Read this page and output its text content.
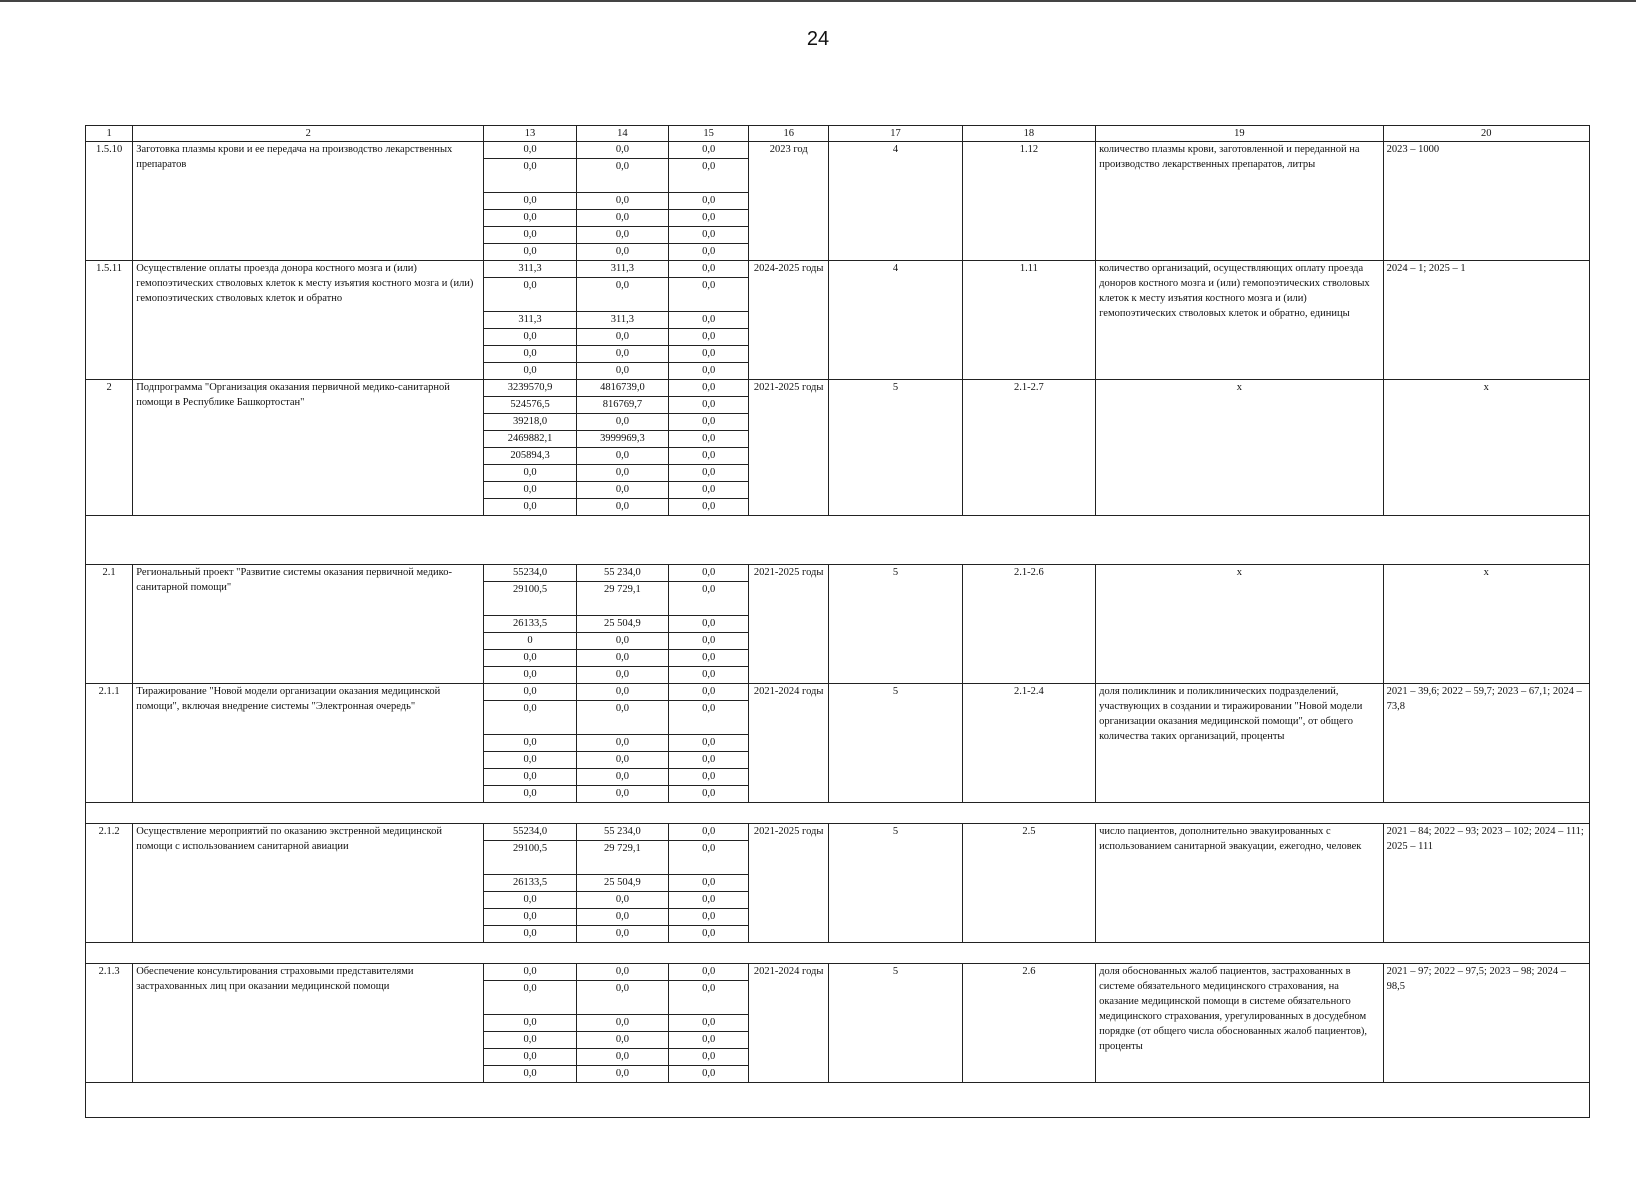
24
1	2	13	14	15	16	17	18	19	20
1.5.10	Заготовка плазмы крови и ее передача на производство лекарственных препаратов	0,0	0,0	0,0	2023 год	4	1.12	количество плазмы крови, заготовленной и переданной на производство лекарственных препаратов, литры	2023 – 1000
		0,0	0,0	0,0					
		0,0	0,0	0,0					
		0,0	0,0	0,0					
		0,0	0,0	0,0					
		0,0	0,0	0,0					
1.5.11	Осуществление оплаты проезда донора костного мозга и (или) гемопоэтических стволовых клеток к месту изъятия костного мозга и (или) гемопоэтических стволовых клеток и обратно	311,3	311,3	0,0	2024-2025 годы	4	1.11	количество организаций, осуществляющих оплату проезда доноров костного мозга и (или) гемопоэтических стволовых клеток к месту изъятия костного мозга и (или) гемопоэтических стволовых клеток и обратно, единицы	2024 – 1; 2025 – 1
		0,0	0,0	0,0					
		311,3	311,3	0,0					
		0,0	0,0	0,0					
		0,0	0,0	0,0					
		0,0	0,0	0,0					
2	Подпрограмма "Организация оказания первичной медико-санитарной помощи в Республике Башкортостан"	3239570,9	4816739,0	0,0	2021-2025 годы	5	2.1-2.7	х	х
		524576,5	816769,7	0,0					
		39218,0	0,0	0,0					
		2469882,1	3999969,3	0,0					
		205894,3	0,0	0,0					
		0,0	0,0	0,0					
		0,0	0,0	0,0					
		0,0	0,0	0,0					

2.1	Региональный проект "Развитие системы оказания первичной медико-санитарной помощи"	55234,0	55 234,0	0,0	2021-2025 годы	5	2.1-2.6	х	х
		29100,5	29 729,1	0,0					
		26133,5	25 504,9	0,0					
		0	0,0	0,0					
		0,0	0,0	0,0					
		0,0	0,0	0,0					
2.1.1	Тиражирование "Новой модели организации оказания медицинской помощи", включая внедрение системы "Электронная очередь"	0,0	0,0	0,0	2021-2024 годы	5	2.1-2.4	доля поликлиник и поликлинических подразделений, участвующих в создании и тиражировании "Новой модели организации оказания медицинской помощи", от общего количества таких организаций, проценты	2021 – 39,6; 2022 – 59,7; 2023 – 67,1; 2024 – 73,8
		0,0	0,0	0,0					
		0,0	0,0	0,0					
		0,0	0,0	0,0					
		0,0	0,0	0,0					
		0,0	0,0	0,0					

2.1.2	Осуществление мероприятий по оказанию экстренной медицинской помощи с использованием санитарной авиации	55234,0	55 234,0	0,0	2021-2025 годы	5	2.5	число пациентов, дополнительно эвакуированных с использованием санитарной эвакуации, ежегодно, человек	2021 – 84; 2022 – 93; 2023 – 102; 2024 – 111; 2025 – 111
		29100,5	29 729,1	0,0					
		26133,5	25 504,9	0,0					
		0,0	0,0	0,0					
		0,0	0,0	0,0					
		0,0	0,0	0,0					

2.1.3	Обеспечение консультирования страховыми представителями застрахованных лиц при оказании медицинской помощи	0,0	0,0	0,0	2021-2024 годы	5	2.6	доля обоснованных жалоб пациентов, застрахованных в системе обязательного медицинского страхования, на оказание медицинской помощи в системе обязательного медицинского страхования, урегулированных в досудебном порядке (от общего числа обоснованных жалоб пациентов), проценты	2021 – 97; 2022 – 97,5; 2023 – 98; 2024 – 98,5
		0,0	0,0	0,0					
		0,0	0,0	0,0					
		0,0	0,0	0,0					
		0,0	0,0	0,0					
		0,0	0,0	0,0					
